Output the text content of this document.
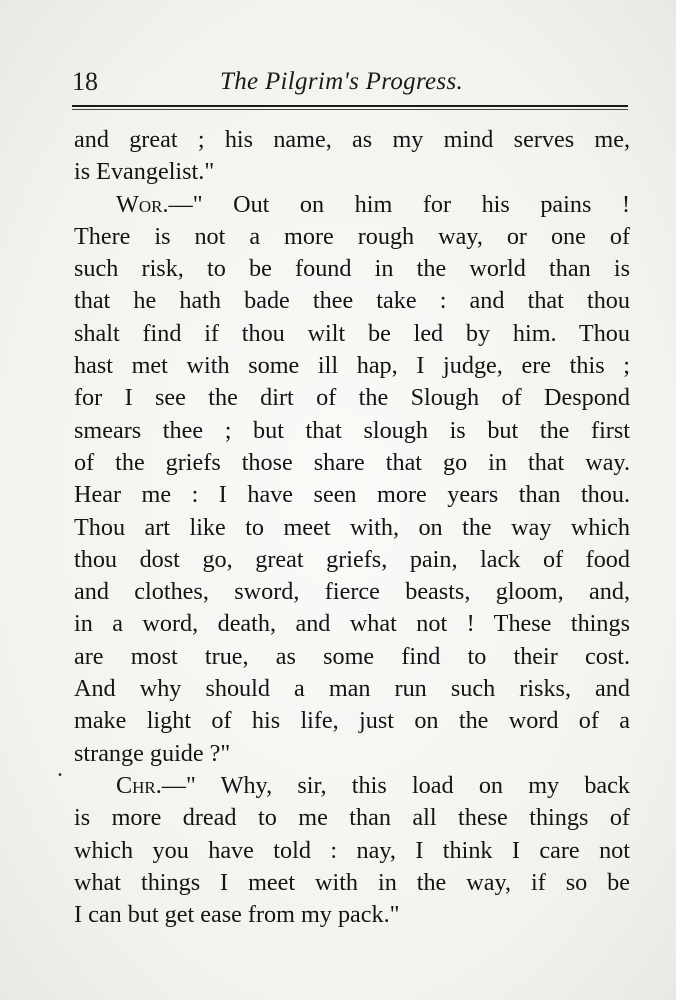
18	The Pilgrim's Progress.
•
and great ; his name, as my mind serves me,
is Evangelist."
Wor.—" Out on him for his pains !
There is not a more rough way, or one of
such risk, to be found in the world than is
that he hath bade thee take : and that thou
shalt find if thou wilt be led by him. Thou
hast met with some ill hap, I judge, ere this ;
for I see the dirt of the Slough of Despond
smears thee ; but that slough is but the first
of the griefs those share that go in that way.
Hear me : I have seen more years than thou.
Thou art like to meet with, on the way which
thou dost go, great griefs, pain, lack of food
and clothes, sword, fierce beasts, gloom, and,
in a word, death, and what not ! These things
are most true, as some find to their cost.
And why should a man run such risks, and
make light of his life, just on the word of a
strange guide ?"
Chr.—" Why, sir, this load on my back
is more dread to me than all these things of
which you have told : nay, I think I care not
what things I meet with in the way, if so be
I can but get ease from my pack."
